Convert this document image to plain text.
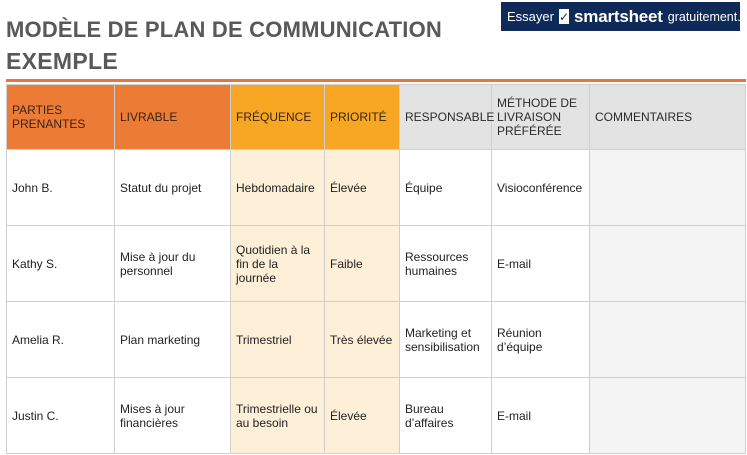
MODÈLE DE PLAN DE COMMUNICATION
EXEMPLE
Essayer ✓ smartsheet gratuitement.
PARTIES PRENANTES	LIVRABLE	FRÉQUENCE	PRIORITÉ	RESPONSABLE	MÉTHODE DE LIVRAISON PRÉFÉRÉE	COMMENTAIRES
John B.	Statut du projet	Hebdomadaire	Élevée	Équipe	Visioconférence	
Kathy S.	Mise à jour du personnel	Quotidien à la fin de la journée	Faible	Ressources humaines	E-mail	
Amelia R.	Plan marketing	Trimestriel	Très élevée	Marketing et sensibilisation	Réunion d’équipe	
Justin C.	Mises à jour financières	Trimestrielle ou au besoin	Élevée	Bureau d’affaires	E-mail	
